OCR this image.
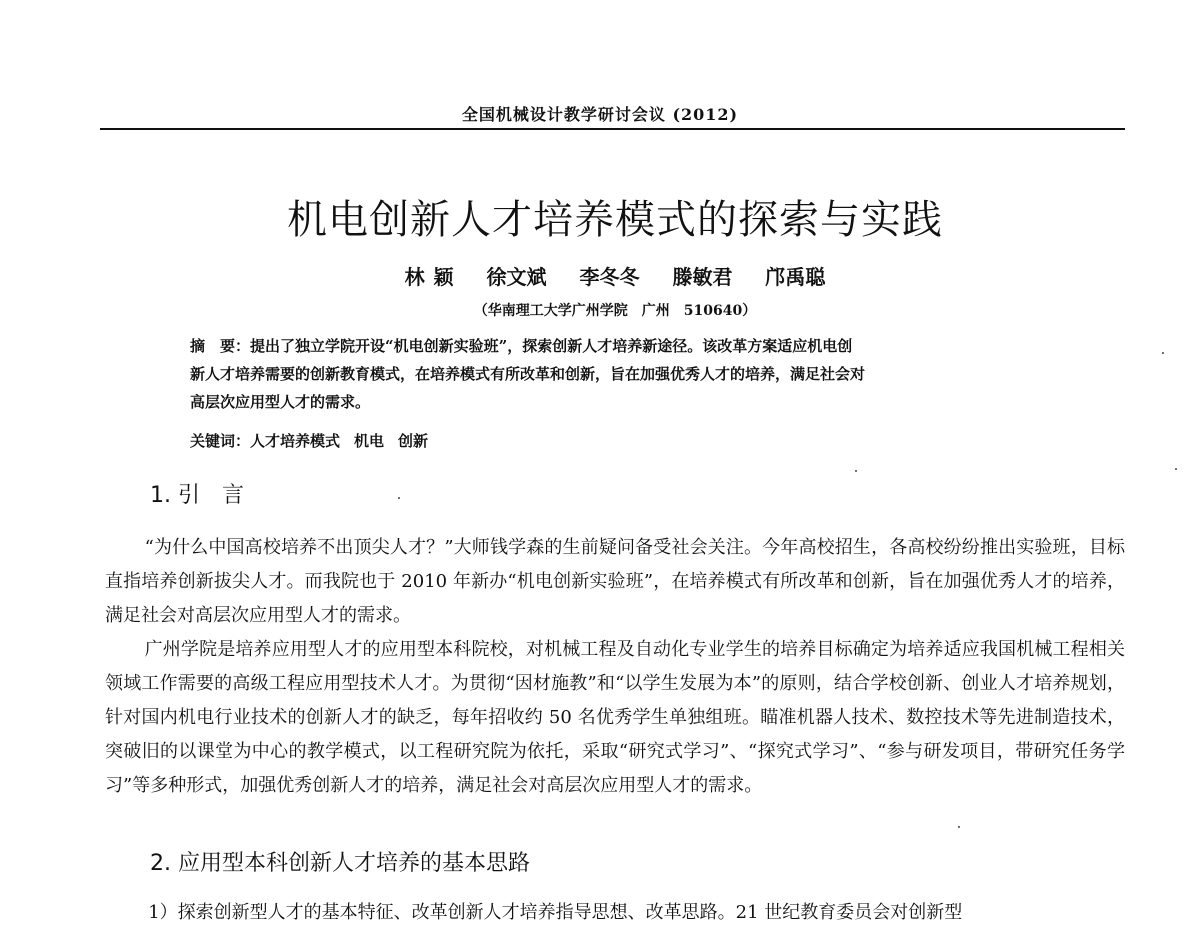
全国机械设计教学研讨会议 (2012)
机电创新人才培养模式的探索与实践
林 颖 徐文斌 李冬冬 滕敏君 邝禹聪
（华南理工大学广州学院　广州　510640）
摘　要：提出了独立学院开设“机电创新实验班”，探索创新人才培养新途径。该改革方案适应机电创
新人才培养需要的创新教育模式，在培养模式有所改革和创新，旨在加强优秀人才的培养，满足社会对
高层次应用型人才的需求。
关键词：人才培养模式 机电 创新
1. 引　言

“为什么中国高校培养不出顶尖人才？”大师钱学森的生前疑问备受社会关注。今年高校招生，各高校纷纷推出实验班，目标直指培养创新拔尖人才。而我院也于 2010 年新办“机电创新实验班”，在培养模式有所改革和创新，旨在加强优秀人才的培养，满足社会对高层次应用型人才的需求。

广州学院是培养应用型人才的应用型本科院校，对机械工程及自动化专业学生的培养目标确定为培养适应我国机械工程相关领域工作需要的高级工程应用型技术人才。为贯彻“因材施教”和“以学生发展为本”的原则，结合学校创新、创业人才培养规划，针对国内机电行业技术的创新人才的缺乏，每年招收约 50 名优秀学生单独组班。瞄准机器人技术、数控技术等先进制造技术，突破旧的以课堂为中心的教学模式，以工程研究院为依托，采取“研究式学习”、“探究式学习”、“参与研发项目，带研究任务学习”等多种形式，加强优秀创新人才的培养，满足社会对高层次应用型人才的需求。

2. 应用型本科创新人才培养的基本思路

1）探索创新型人才的基本特征、改革创新人才培养指导思想、改革思路。21 世纪教育委员会对创新型
